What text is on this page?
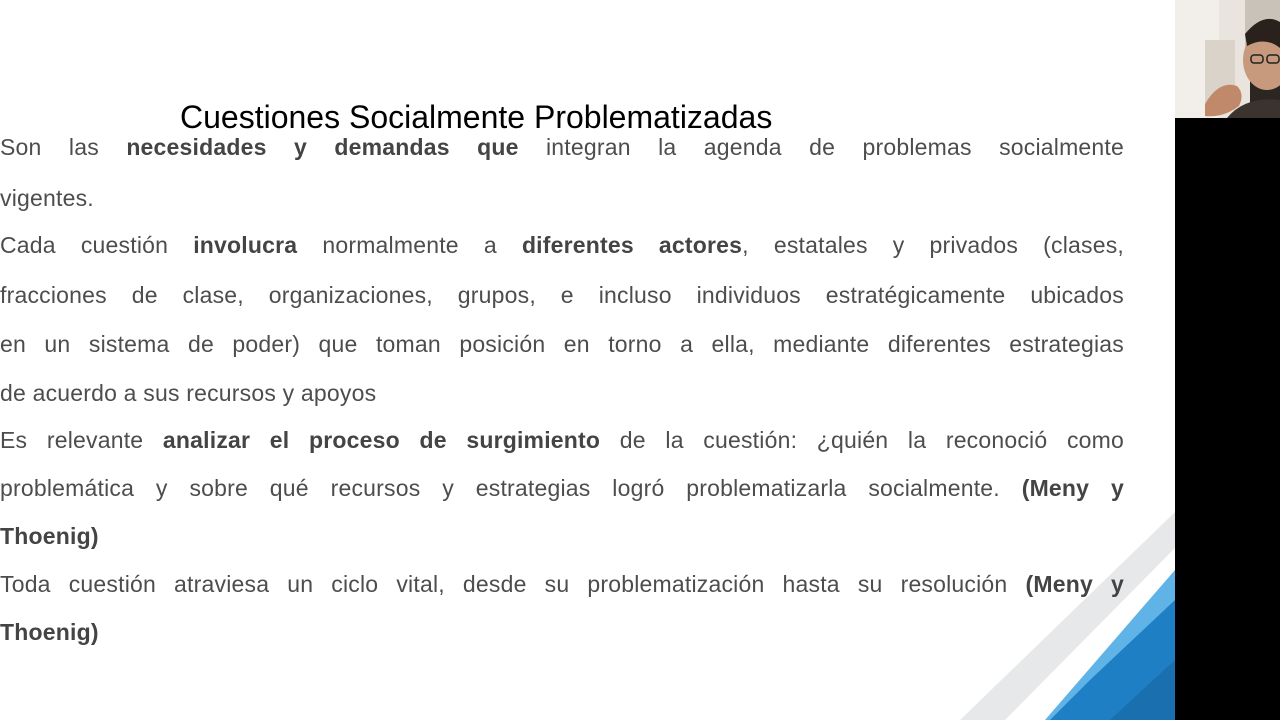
Cuestiones Socialmente Problematizadas

Son las necesidades y demandas que integran la agenda de problemas socialmente
vigentes.

Cada cuestión involucra normalmente a diferentes actores, estatales y privados (clases,
fracciones de clase, organizaciones, grupos, e incluso individuos estratégicamente ubicados
en un sistema de poder) que toman posición en torno a ella, mediante diferentes estrategias
de acuerdo a sus recursos y apoyos

Es relevante analizar el proceso de surgimiento de la cuestión: ¿quién la reconoció como
problemática y sobre qué recursos y estrategias logró problematizarla socialmente. (Meny y
Thoenig)

Toda cuestión atraviesa un ciclo vital, desde su problematización hasta su resolución (Meny y
Thoenig)
